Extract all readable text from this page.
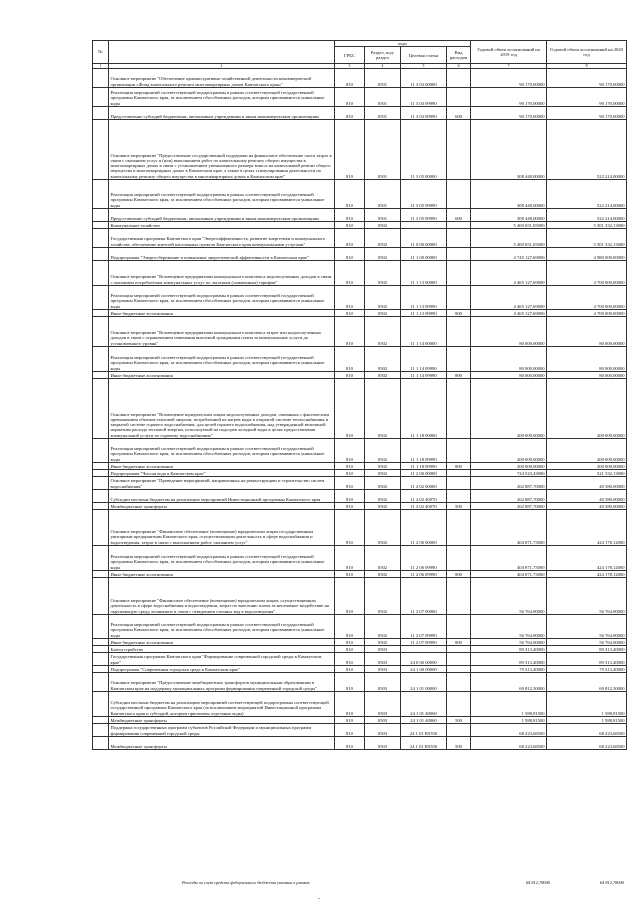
№		коды				Годовой объем ассигнований на 2019 год	Годовой объем ассигнований на 2020 год
		ГРБС	Раздел, под-раздел	Целевая статья	Вид расходов		
1	2	3	4	5	6	7	8
	Основное мероприятие "Обеспечение административно-хозяйственной деятельности некоммерческой организации «Фонд капитального ремонта многоквартирных домов Камчатского края»"	810	0501	11 3 03 00000		90 170,00000	90 170,00000
	Реализация мероприятий соответствующей подпрограммы в рамках соответствующей государственной программы Камчатского края, за исключением обособленных расходов, которым присваиваются уникальные коды	810	0501	11 3 03 09990		90 170,00000	90 170,00000
	Предоставление субсидий бюджетным, автономным учреждениям и иным некоммерческим организациям	810	0501	11 3 03 09990	600	90 170,00000	90 170,00000
	Основное мероприятие "Предоставление государственной поддержки на финансовое обеспечение части затрат в связи с оказанием услуг и (или) выполнением работ по капитальному ремонту общего имущества в многоквартирных домах в связи с установлением уменьшенного размера взноса на капитальный ремонт общего имущества в многоквартирных домах в Камчатском крае, а также в целях стимулирования деятельности по капитальному ремонту общего имущества в многоквартирных домах в Камчатском крае"	810	0501	11 3 05 00000		308 448,00000	522 214,00000
	Реализация мероприятий соответствующей подпрограммы в рамках соответствующей государственной программы Камчатского края, за исключением обособленных расходов, которым присваиваются уникальные коды	810	0501	11 3 05 09990		308 448,00000	522 214,00000
	Предоставление субсидий бюджетным, автономным учреждениям и иным некоммерческим организациям	810	0501	11 3 05 09990	600	308 448,00000	522 214,00000
	Коммунальное хозяйство	810	0502			5 469 651,05000	5 501 332,13000
	Государственная программа Камчатского края "Энергоэффективность, развитие энергетики и коммунального хозяйства, обеспечение жителей населенных пунктов Камчатского края коммунальными услугами"	810	0502	11 0 00 00000		5 469 651,05000	5 501 332,13000
	Подпрограмма "Энергосбережение и повышение энергетической эффективности в Камчатском крае"	810	0502	11 1 00 00000		4 745 127,69000	4 980 000,00000
	Основное мероприятие "Возмещение предприятиям коммунального комплекса недополученных доходов в связи с оказанием потребителям коммунальных услуг по льготным (сниженным) тарифам"	810	0502	11 1 13 00000		4 465 127,69000	4 700 000,00000
	Реализация мероприятий соответствующей подпрограммы в рамках соответствующей государственной программы Камчатского края, за исключением обособленных расходов, которым присваиваются уникальные коды	810	0502	11 1 13 09990		4 465 127,69000	4 700 000,00000
	Иные бюджетные ассигнования	810	0502	11 1 13 09990	800	4 465 127,69000	4 700 000,00000
	Основное мероприятие "Возмещение предприятиям коммунального комплекса затрат или недополученных доходов в связи с ограничением изменения вносимой гражданами платы за коммунальные услуги до установленного уровня"	810	0502	11 1 14 00000		80 000,00000	80 000,00000
	Реализация мероприятий соответствующей подпрограммы в рамках соответствующей государственной программы Камчатского края, за исключением обособленных расходов, которым присваиваются уникальные коды	810	0502	11 1 14 09990		80 000,00000	80 000,00000
	Иные бюджетные ассигнования	810	0502	11 1 14 09990	800	80 000,00000	80 000,00000
	Основное мероприятие "Возмещение юридическим лицам недополученных доходов, связанных с фактическим превышением объемов тепловой энергии, потребленной на нагрев воды в открытой системе теплоснабжения и закрытой системе горячего водоснабжения, для целей горячего водоснабжения, над утвержденной величиной норматива расхода тепловой энергии, используемой на подогрев холодной воды в целях предоставления коммунальной услуги по горячему водоснабжению"	810	0502	11 1 18 00000		200 000,00000	200 000,00000
	Реализация мероприятий соответствующей подпрограммы в рамках соответствующей государственной программы Камчатского края, за исключением обособленных расходов, которым присваиваются уникальные коды	810	0502	11 1 18 09990		200 000,00000	200 000,00000
	Иные бюджетные ассигнования	810	0502	11 1 18 09990	800	200 000,00000	200 000,00000
	Подпрограмма "Чистая вода в Камчатском крае"	810	0502	11 2 00 00000		724 523,43000	521 332,13000
	Основное мероприятие "Проведение мероприятий, направленных на реконструкцию и строительство систем водоснабжения"	810	0502	11 2 02 00000		262 887,70000	40 580,00000
	Субсидии местным бюджетам на реализацию мероприятий Инвестиционной программы Камчатского края	810	0502	11 2 02 40070		262 887,70000	40 580,00000
	Межбюджетные трансферты	810	0502	11 2 02 40070	500	262 887,70000	40 580,00000
	Основное мероприятие "Финансовое обеспечение (возмещение) юридическим лицам государственным унитарным предприятиям Камчатского края, осуществляющим деятельность в сфере водоснабжения и водоотведения, затрат в связи с выполнением работ, оказанием услуг"	810	0502	11 2 06 00000		404 871,73000	424 178,12000
	Реализация мероприятий соответствующей подпрограммы в рамках соответствующей государственной программы Камчатского края, за исключением обособленных расходов, которым присваиваются уникальные коды	810	0502	11 2 06 09990		404 871,73000	424 178,12000
	Иные бюджетные ассигнования	810	0502	11 2 06 09990	800	404 871,73000	424 178,12000
	Основное мероприятие "Финансовое обеспечение (возмещение) юридическим лицам, осуществляющим деятельность в сфере водоснабжения и водоотведения, затрат по внесению платы за негативное воздействие на окружающую среду, возникших в связи с отведением сточных вод в водоотведения"	810	0502	11 2 07 00000		56 764,00000	56 764,00000
	Реализация мероприятий соответствующей подпрограммы в рамках соответствующей государственной программы Камчатского края, за исключением обособленных расходов, которым присваиваются уникальные коды	810	0502	11 2 07 09990		56 764,00000	56 764,00000
	Иные бюджетные ассигнования	810	0502	11 2 07 09990	800	56 764,00000	56 764,00000
	Благоустройство	810	0503			89 313,40000	89 313,40000
	Государственная программа Камчатского края "Формирование современной городской среды в Камчатском крае"	810	0503	24 0 00 00000		89 313,40000	89 313,40000
	Подпрограмма "Современная городская среда в Камчатском крае"	810	0503	24 1 00 00000		79 313,40000	79 313,40000
	Основное мероприятие "Предоставление межбюджетных трансфертов муниципальным образованиям в Камчатском крае на поддержку муниципальных программ формирования современной городской среды"	810	0503	24 1 01 00000		69 812,50000	69 812,50000
	Субсидии местным бюджетам на реализацию мероприятий соответствующей подпрограммы соответствующей государственной программы Камчатского края (за исключением мероприятий Инвестиционной программы Камчатского края и субсидий, которым присвоены отдельные коды)	810	0503	24 1 01 40060		1 588,81500	1 588,81500
	Межбюджетные трансферты	810	0503	24 1 01 40060	500	1 588,81500	1 588,81500
	Поддержка государственных программ субъектов Российской Федерации и муниципальных программ формирования современной городской среды	810	0503	24 1 01 R5550		68 223,68500	68 223,68500
	Межбюджетные трансферты	810	0503	24 1 01 R5550	500	68 223,68500	68 223,68500
Расходы за счет средств федерального бюджета указаны в рамках	64 812,78000	64 812,78000
-
